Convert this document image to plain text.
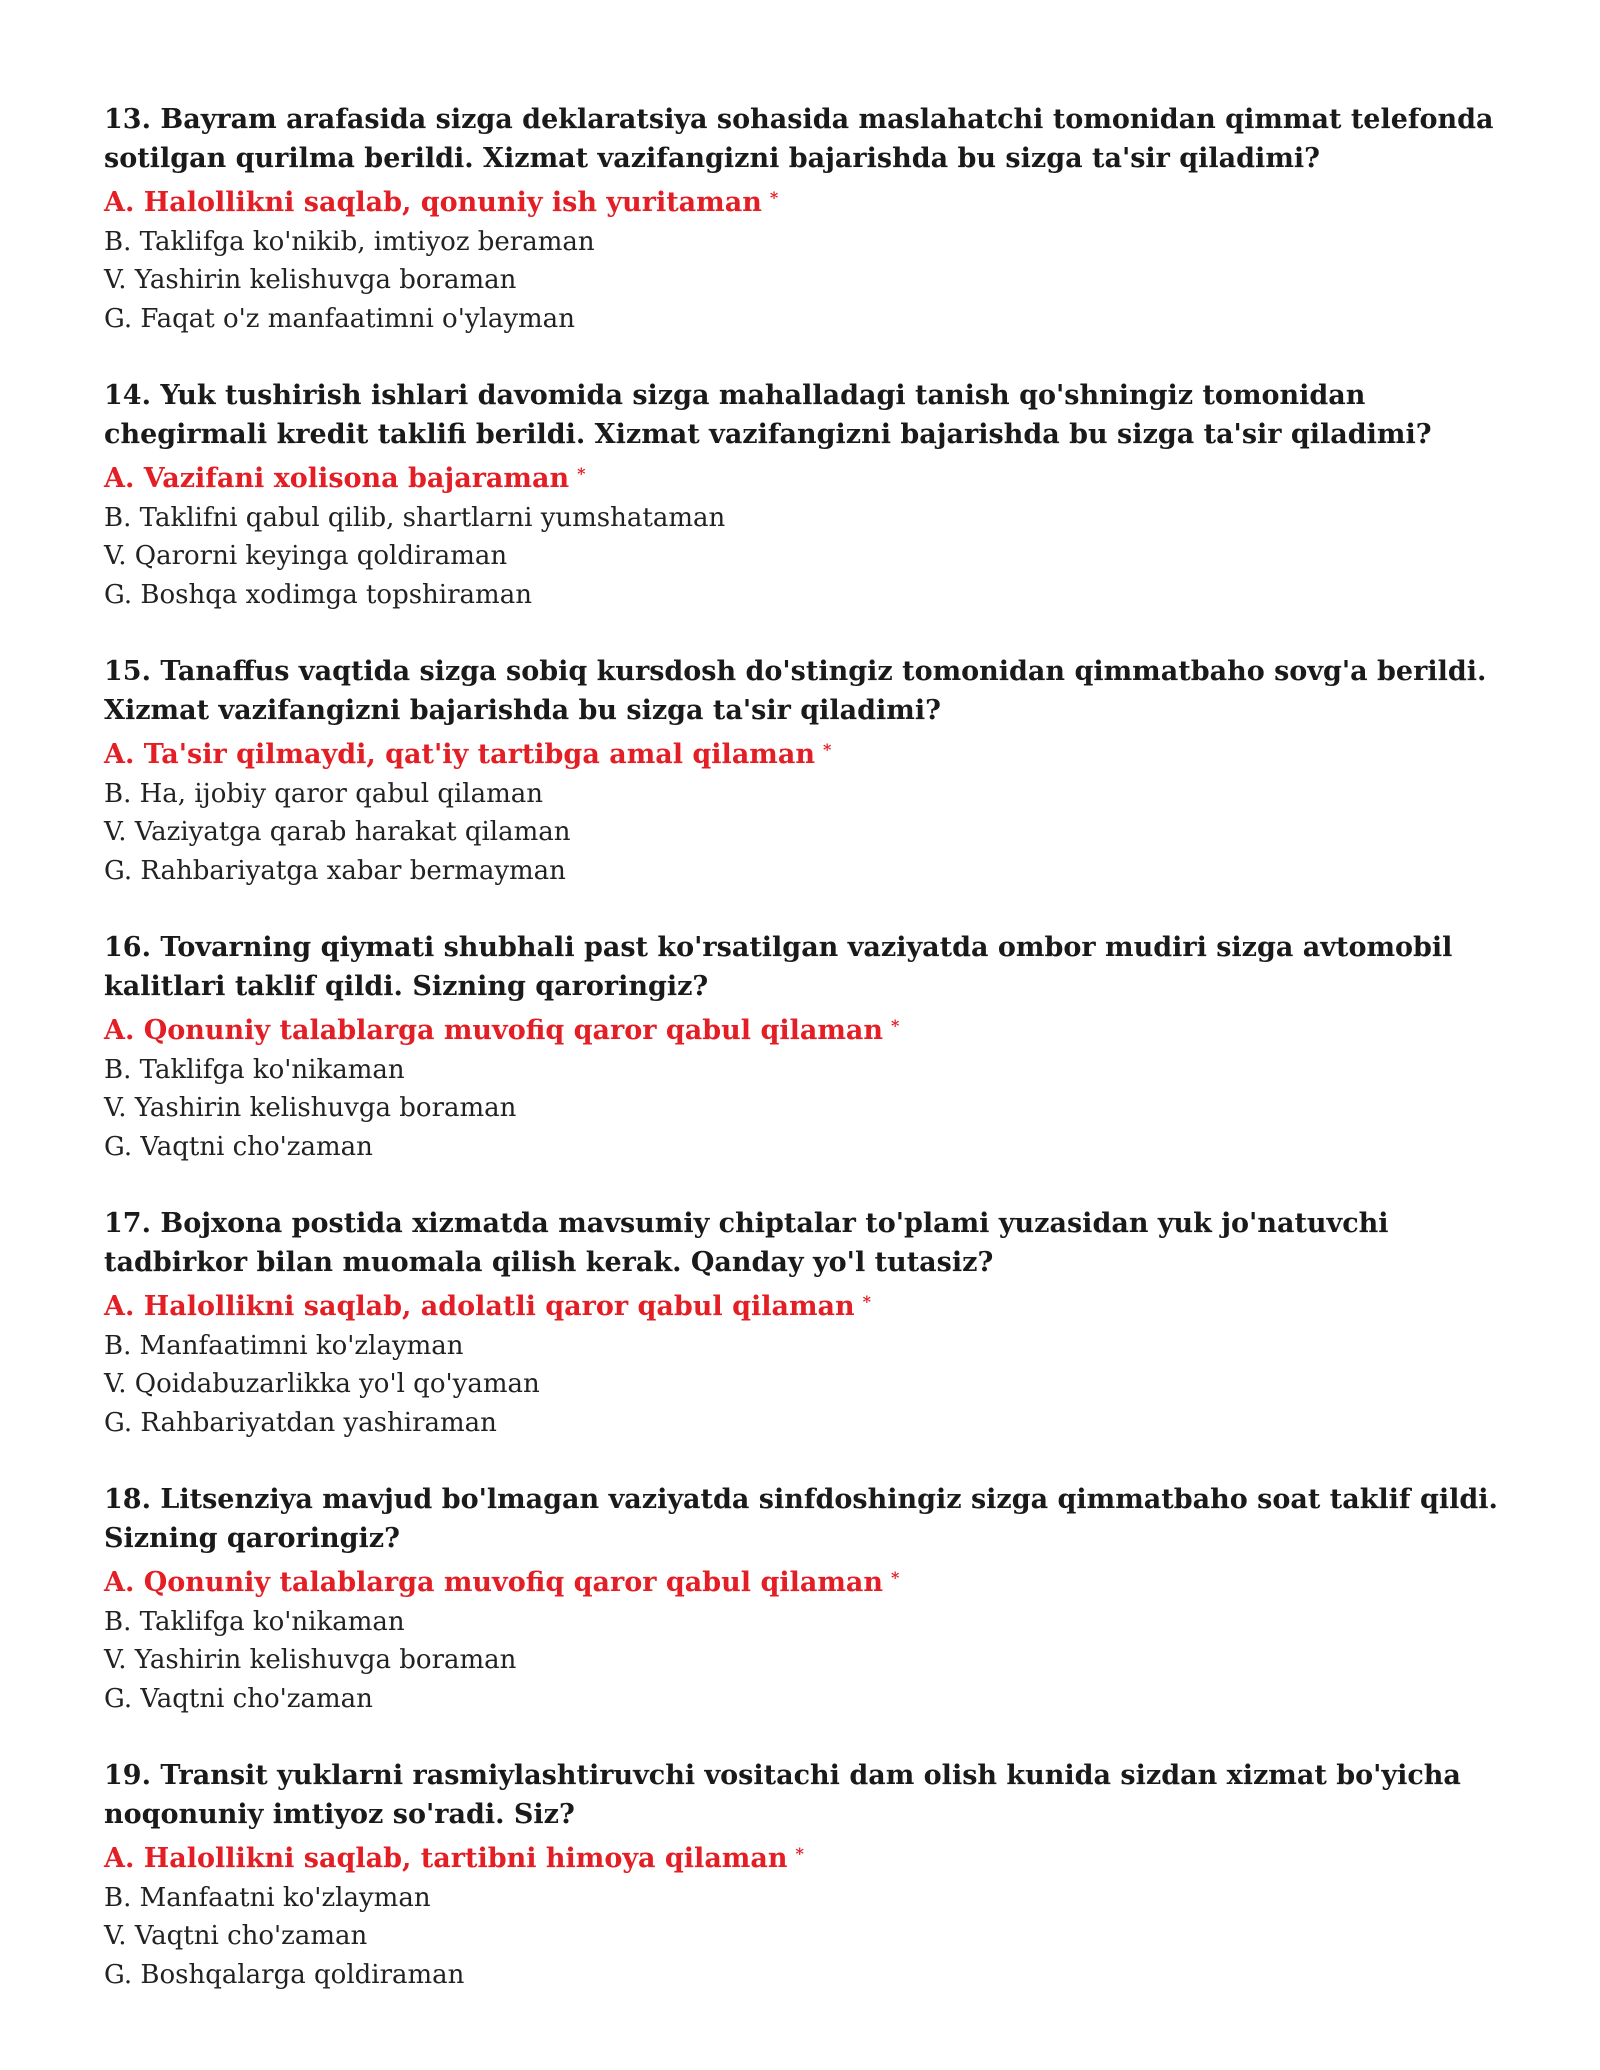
13. Bayram arafasida sizga deklaratsiya sohasida maslahatchi tomonidan qimmat telefonda sotilgan qurilma berildi. Xizmat vazifangizni bajarishda bu sizga ta'sir qiladimi?

A. Halollikni saqlab, qonuniy ish yuritaman *
B. Taklifga ko'nikib, imtiyoz beraman
V. Yashirin kelishuvga boraman
G. Faqat o'z manfaatimni o'ylayman

14. Yuk tushirish ishlari davomida sizga mahalladagi tanish qo'shningiz tomonidan chegirmali kredit taklifi berildi. Xizmat vazifangizni bajarishda bu sizga ta'sir qiladimi?

A. Vazifani xolisona bajaraman *
B. Taklifni qabul qilib, shartlarni yumshataman
V. Qarorni keyinga qoldiraman
G. Boshqa xodimga topshiraman

15. Tanaffus vaqtida sizga sobiq kursdosh do'stingiz tomonidan qimmatbaho sovg'a berildi. Xizmat vazifangizni bajarishda bu sizga ta'sir qiladimi?

A. Ta'sir qilmaydi, qat'iy tartibga amal qilaman *
B. Ha, ijobiy qaror qabul qilaman
V. Vaziyatga qarab harakat qilaman
G. Rahbariyatga xabar bermayman

16. Tovarning qiymati shubhali past ko'rsatilgan vaziyatda ombor mudiri sizga avtomobil kalitlari taklif qildi. Sizning qaroringiz?

A. Qonuniy talablarga muvofiq qaror qabul qilaman *
B. Taklifga ko'nikaman
V. Yashirin kelishuvga boraman
G. Vaqtni cho'zaman

17. Bojxona postida xizmatda mavsumiy chiptalar to'plami yuzasidan yuk jo'natuvchi tadbirkor bilan muomala qilish kerak. Qanday yo'l tutasiz?

A. Halollikni saqlab, adolatli qaror qabul qilaman *
B. Manfaatimni ko'zlayman
V. Qoidabuzarlikka yo'l qo'yaman
G. Rahbariyatdan yashiraman

18. Litsenziya mavjud bo'lmagan vaziyatda sinfdoshingiz sizga qimmatbaho soat taklif qildi. Sizning qaroringiz?

A. Qonuniy talablarga muvofiq qaror qabul qilaman *
B. Taklifga ko'nikaman
V. Yashirin kelishuvga boraman
G. Vaqtni cho'zaman

19. Transit yuklarni rasmiylashtiruvchi vositachi dam olish kunida sizdan xizmat bo'yicha noqonuniy imtiyoz so'radi. Siz?

A. Halollikni saqlab, tartibni himoya qilaman *
B. Manfaatni ko'zlayman
V. Vaqtni cho'zaman
G. Boshqalarga qoldiraman
